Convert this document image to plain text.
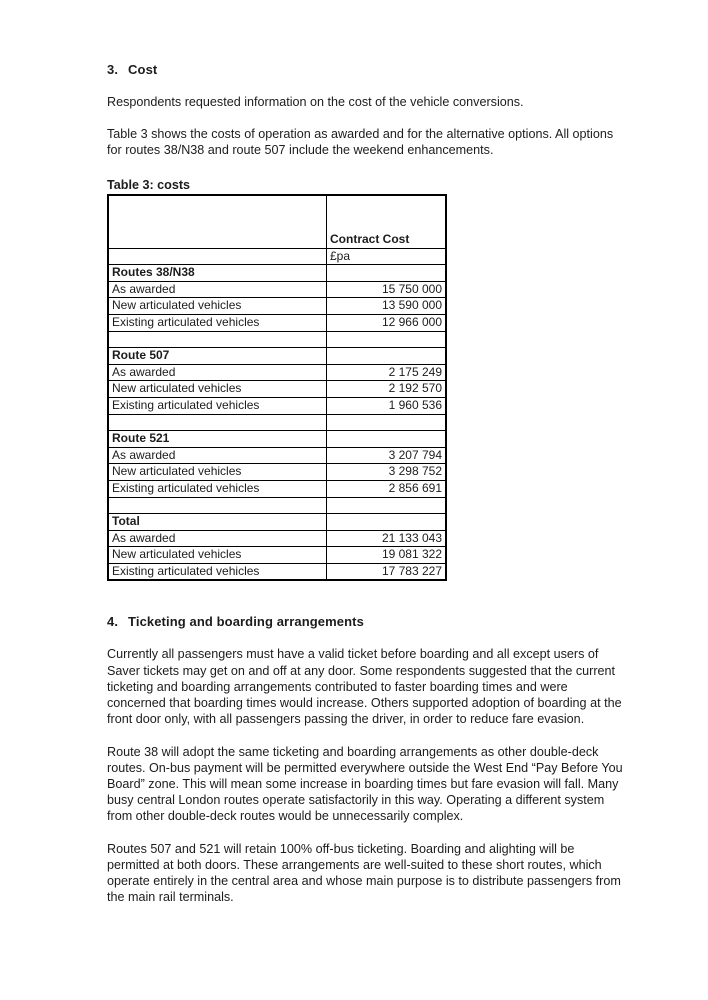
3. Cost

Respondents requested information on the cost of the vehicle conversions.

Table 3 shows the costs of operation as awarded and for the alternative options. All options for routes 38/N38 and route 507 include the weekend enhancements.

Table 3: costs
	Contract Cost
	£pa
Routes 38/N38	
As awarded	15 750 000
New articulated vehicles	13 590 000
Existing articulated vehicles	12 966 000

Route 507	
As awarded	2 175 249
New articulated vehicles	2 192 570
Existing articulated vehicles	1 960 536

Route 521	
As awarded	3 207 794
New articulated vehicles	3 298 752
Existing articulated vehicles	2 856 691

Total	
As awarded	21 133 043
New articulated vehicles	19 081 322
Existing articulated vehicles	17 783 227
4. Ticketing and boarding arrangements

Currently all passengers must have a valid ticket before boarding and all except users of Saver tickets may get on and off at any door. Some respondents suggested that the current ticketing and boarding arrangements contributed to faster boarding times and were concerned that boarding times would increase. Others supported adoption of boarding at the front door only, with all passengers passing the driver, in order to reduce fare evasion.

Route 38 will adopt the same ticketing and boarding arrangements as other double-deck routes. On-bus payment will be permitted everywhere outside the West End “Pay Before You Board” zone. This will mean some increase in boarding times but fare evasion will fall. Many busy central London routes operate satisfactorily in this way. Operating a different system from other double-deck routes would be unnecessarily complex.

Routes 507 and 521 will retain 100% off-bus ticketing. Boarding and alighting will be permitted at both doors. These arrangements are well-suited to these short routes, which operate entirely in the central area and whose main purpose is to distribute passengers from the main rail terminals.
